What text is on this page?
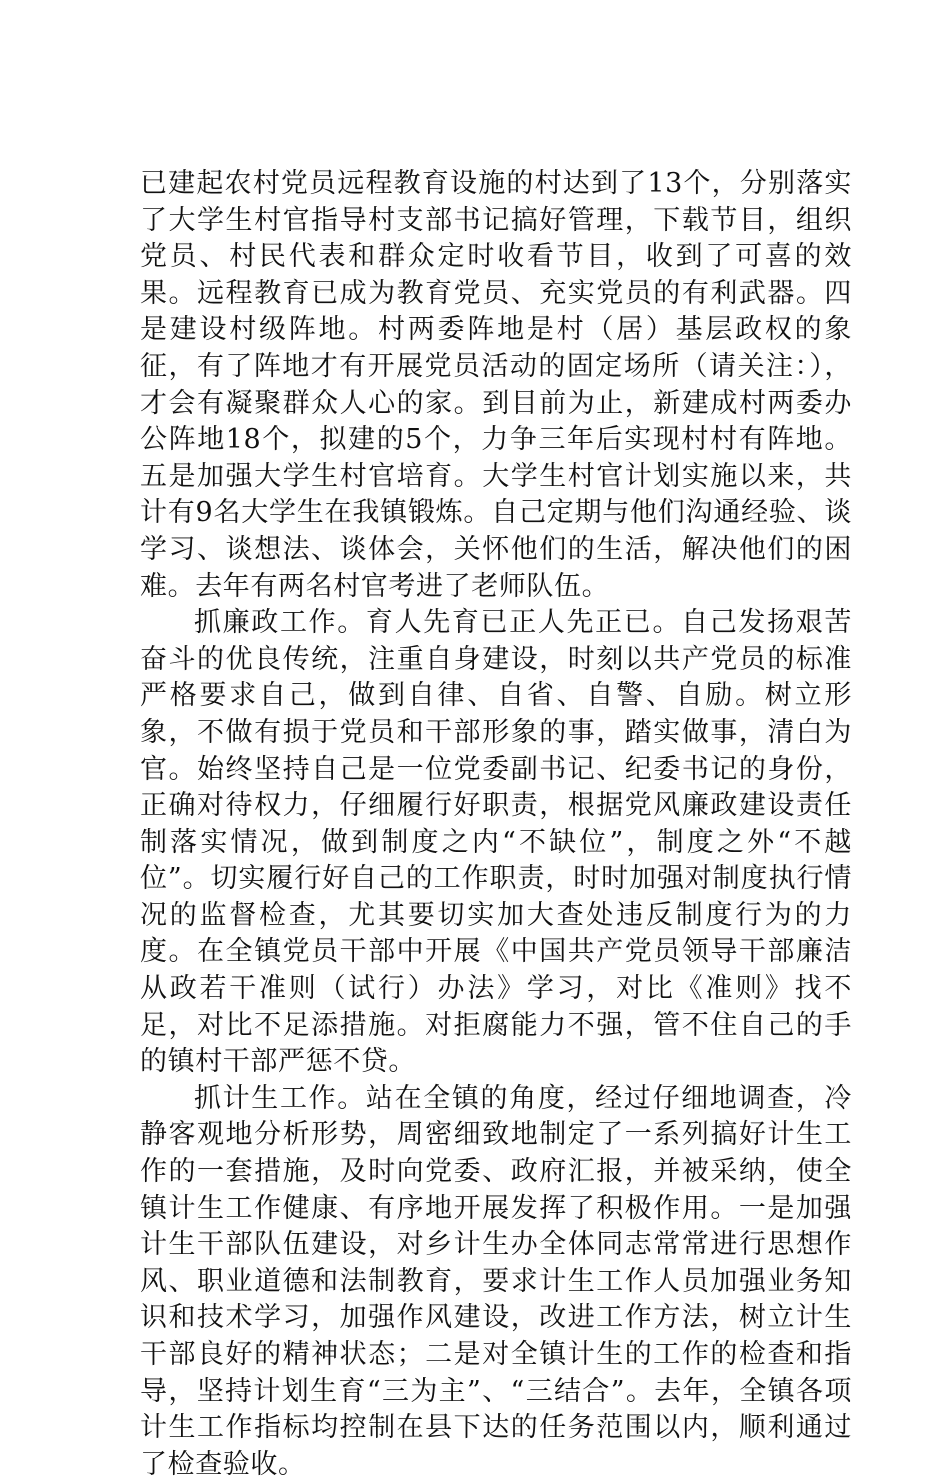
已建起农村党员远程教育设施的村达到了13个，分别落实了大学生村官指导村支部书记搞好管理，下载节目，组织党员、村民代表和群众定时收看节目，收到了可喜的效果。远程教育已成为教育党员、充实党员的有利武器。四是建设村级阵地。村两委阵地是村（居）基层政权的象征，有了阵地才有开展党员活动的固定场所（请关注：），才会有凝聚群众人心的家。到目前为止，新建成村两委办公阵地18个，拟建的5个，力争三年后实现村村有阵地。五是加强大学生村官培育。大学生村官计划实施以来，共计有9名大学生在我镇锻炼。自己定期与他们沟通经验、谈学习、谈想法、谈体会，关怀他们的生活，解决他们的困难。去年有两名村官考进了老师队伍。

抓廉政工作。育人先育已正人先正已。自己发扬艰苦奋斗的优良传统，注重自身建设，时刻以共产党员的标准严格要求自己，做到自律、自省、自警、自励。树立形象，不做有损于党员和干部形象的事，踏实做事，清白为官。始终坚持自己是一位党委副书记、纪委书记的身份，正确对待权力，仔细履行好职责，根据党风廉政建设责任制落实情况，做到制度之内“不缺位”，制度之外“不越位”。切实履行好自己的工作职责，时时加强对制度执行情况的监督检查，尤其要切实加大查处违反制度行为的力度。在全镇党员干部中开展《中国共产党员领导干部廉洁从政若干准则（试行）办法》学习，对比《准则》找不足，对比不足添措施。对拒腐能力不强，管不住自己的手的镇村干部严惩不贷。

抓计生工作。站在全镇的角度，经过仔细地调查，冷静客观地分析形势，周密细致地制定了一系列搞好计生工作的一套措施，及时向党委、政府汇报，并被采纳，使全镇计生工作健康、有序地开展发挥了积极作用。一是加强计生干部队伍建设，对乡计生办全体同志常常进行思想作风、职业道德和法制教育，要求计生工作人员加强业务知识和技术学习，加强作风建设，改进工作方法，树立计生干部良好的精神状态；二是对全镇计生的工作的检查和指导，坚持计划生育“三为主”、“三结合”。去年，全镇各项计生工作指标均控制在县下达的任务范围以内，顺利通过了检查验收。
